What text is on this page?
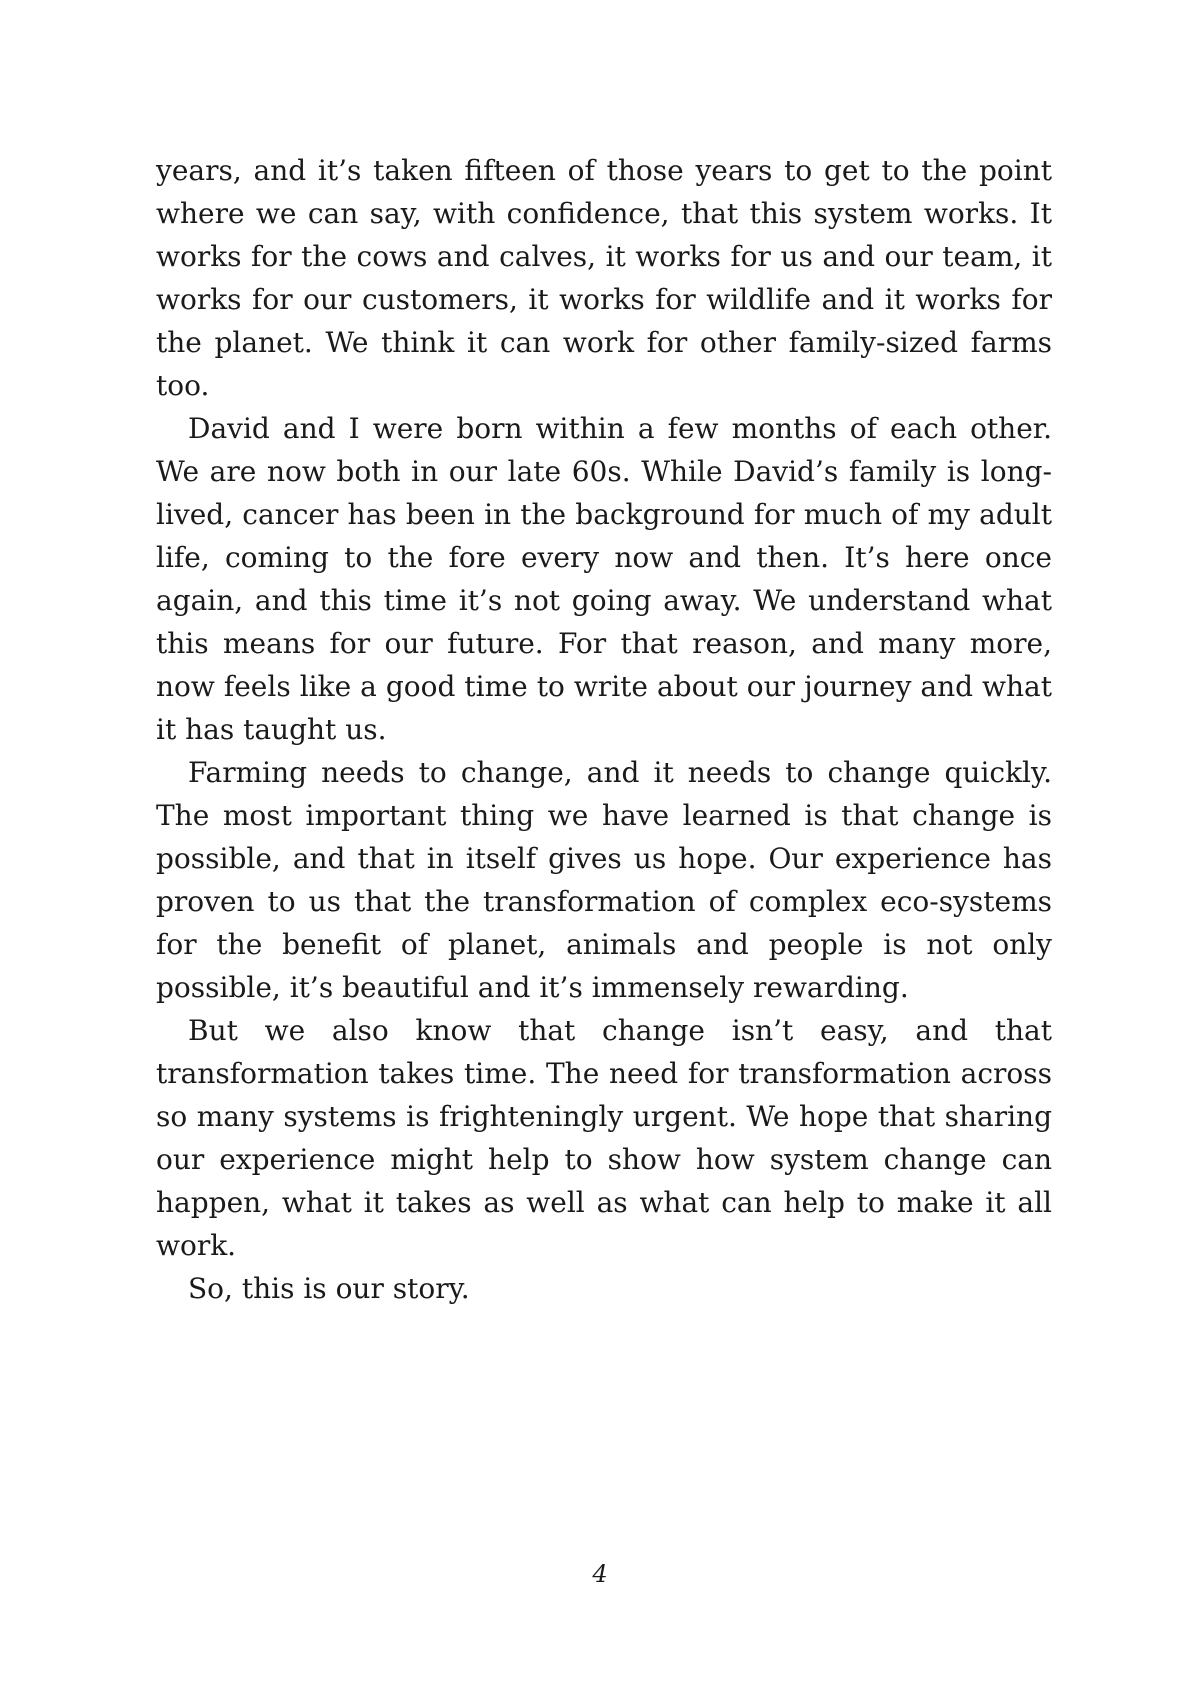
years, and it’s taken fifteen of those years to get to the point where we can say, with confidence, that this system works. It works for the cows and calves, it works for us and our team, it works for our customers, it works for wildlife and it works for the planet. We think it can work for other family-sized farms too.

David and I were born within a few months of each other. We are now both in our late 60s. While David’s family is long-lived, cancer has been in the background for much of my adult life, coming to the fore every now and then. It’s here once again, and this time it’s not going away. We understand what this means for our future. For that reason, and many more, now feels like a good time to write about our journey and what it has taught us.

Farming needs to change, and it needs to change quickly. The most important thing we have learned is that change is possible, and that in itself gives us hope. Our experience has proven to us that the transformation of complex eco-systems for the benefit of planet, animals and people is not only possible, it’s beautiful and it’s immensely rewarding.

But we also know that change isn’t easy, and that transformation takes time. The need for transformation across so many systems is frighteningly urgent. We hope that sharing our experience might help to show how system change can happen, what it takes as well as what can help to make it all work.

So, this is our story.

4
